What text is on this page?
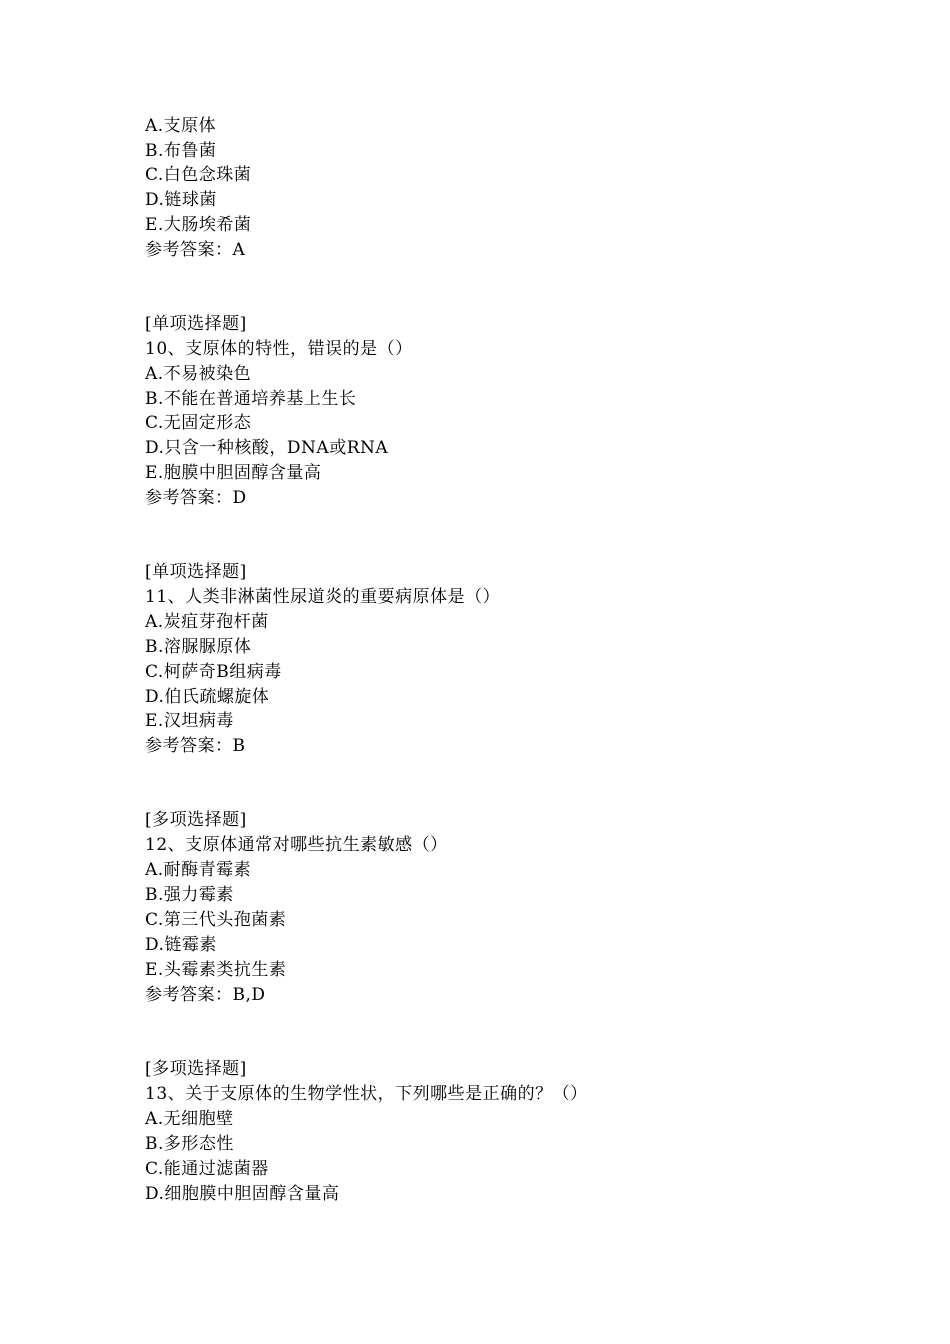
A.支原体
B.布鲁菌
C.白色念珠菌
D.链球菌
E.大肠埃希菌
参考答案：A
[单项选择题]
10、支原体的特性，错误的是（）
A.不易被染色
B.不能在普通培养基上生长
C.无固定形态
D.只含一种核酸，DNA或RNA
E.胞膜中胆固醇含量高
参考答案：D
[单项选择题]
11、人类非淋菌性尿道炎的重要病原体是（）
A.炭疽芽孢杆菌
B.溶脲脲原体
C.柯萨奇B组病毒
D.伯氏疏螺旋体
E.汉坦病毒
参考答案：B
[多项选择题]
12、支原体通常对哪些抗生素敏感（）
A.耐酶青霉素
B.强力霉素
C.第三代头孢菌素
D.链霉素
E.头霉素类抗生素
参考答案：B,D
[多项选择题]
13、关于支原体的生物学性状，下列哪些是正确的？（）
A.无细胞壁
B.多形态性
C.能通过滤菌器
D.细胞膜中胆固醇含量高
